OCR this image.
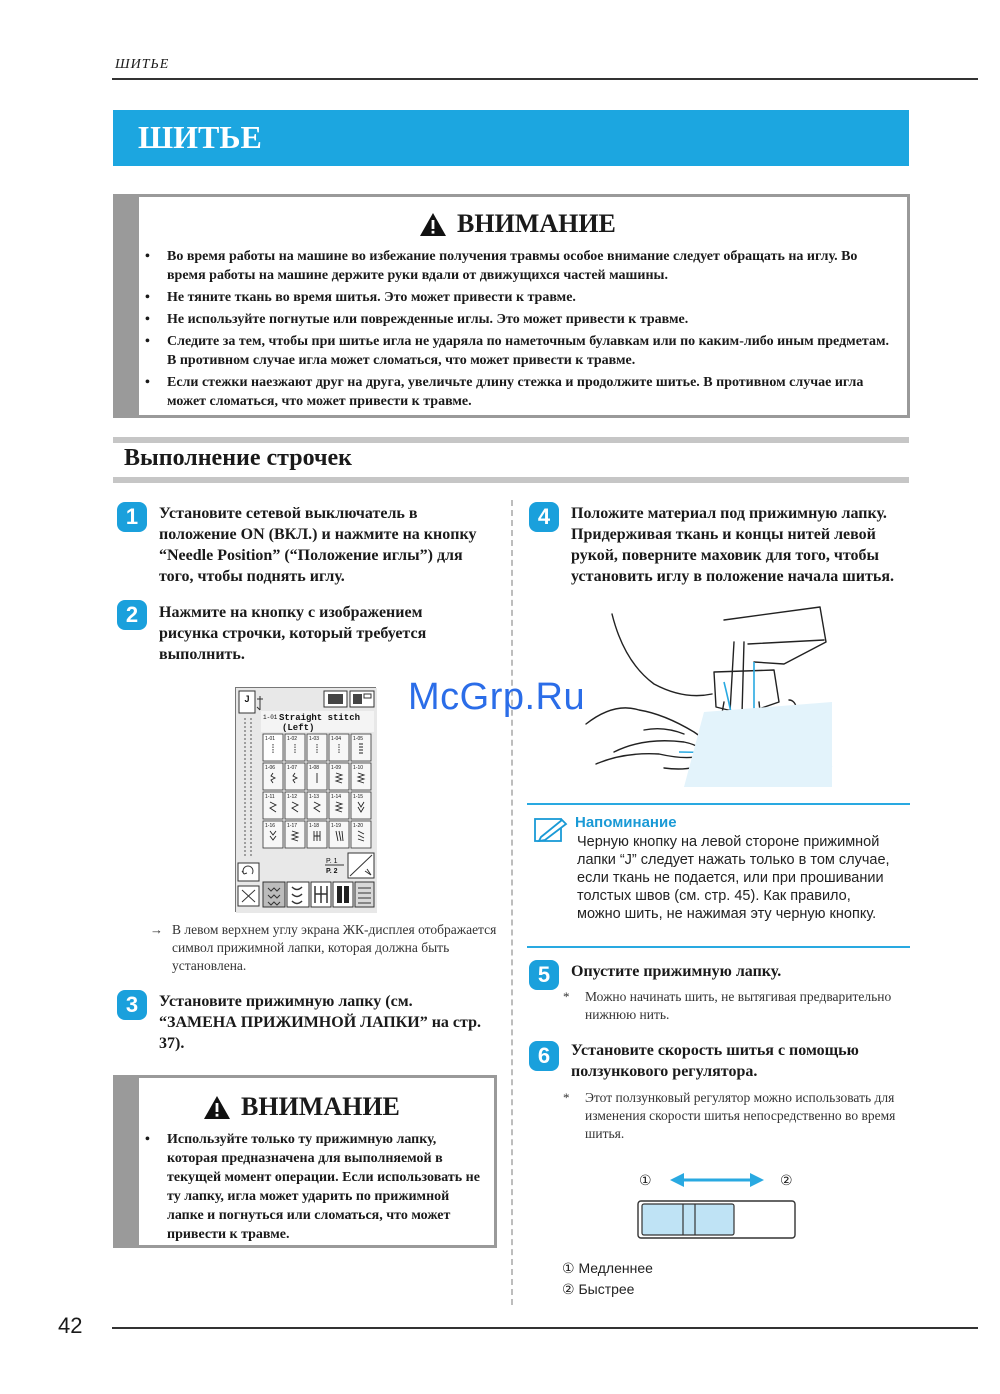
ШИТЬЕ
ШИТЬЕ
ВНИМАНИЕ
• Во время работы на машине во избежание получения травмы особое внимание следует обращать на иглу. Во время работы на машине держите руки вдали от движущихся частей машины.
• Не тяните ткань во время шитья. Это может привести к травме.
• Не используйте погнутые или поврежденные иглы. Это может привести к травме.
• Следите за тем, чтобы при шитье игла не ударяла по наметочным булавкам или по каким-либо иным предметам. В противном случае игла может сломаться, что может привести к травме.
• Если стежки наезжают друг на друга, увеличьте длину стежка и продолжите шитье. В противном случае игла может сломаться, что может привести к травме.
Выполнение строчек
1	Установите сетевой выключатель в положение ON (ВКЛ.) и нажмите на кнопку “Needle Position” (“Положение иглы”) для того, чтобы поднять иглу.
2	Нажмите на кнопку с изображением рисунка строчки, который требуется выполнить.
J
1-01 Straight stitch
(Left)
1-01 1-02 1-03 1-04 1-05
1-06 1-07 1-08 1-09 1-10
1-11 1-12 1-13 1-14 1-15
1-16 1-17 1-18 1-19 1-20
P. 1
P. 2
→ В левом верхнем углу экрана ЖК-дисплея отображается символ прижимной лапки, которая должна быть установлена.
3	Установите прижимную лапку (см. “ЗАМЕНА ПРИЖИМНОЙ ЛАПКИ” на стр. 37).
ВНИМАНИЕ
• Используйте только ту прижимную лапку, которая предназначена для выполняемой в текущей момент операции. Если использовать не ту лапку, игла может ударить по прижимной лапке и погнуться или сломаться, что может привести к травме.
4	Положите материал под прижимную лапку. Придерживая ткань и концы нитей левой рукой, поверните маховик для того, чтобы установить иглу в положение начала шитья.
McGrp.Ru
Напоминание
Черную кнопку на левой стороне прижимной лапки “J” следует нажать только в том случае, если ткань не подается, или при прошивании толстых швов (см. стр. 45). Как правило, можно шить, не нажимая эту черную кнопку.
5	Опустите прижимную лапку.
* Можно начинать шить, не вытягивая предварительно нижнюю нить.
6	Установите скорость шитья с помощью ползункового регулятора.
* Этот ползунковый регулятор можно использовать для изменения скорости шитья непосредственно во время шитья.
①	②
① Медленнее
② Быстрее
42
